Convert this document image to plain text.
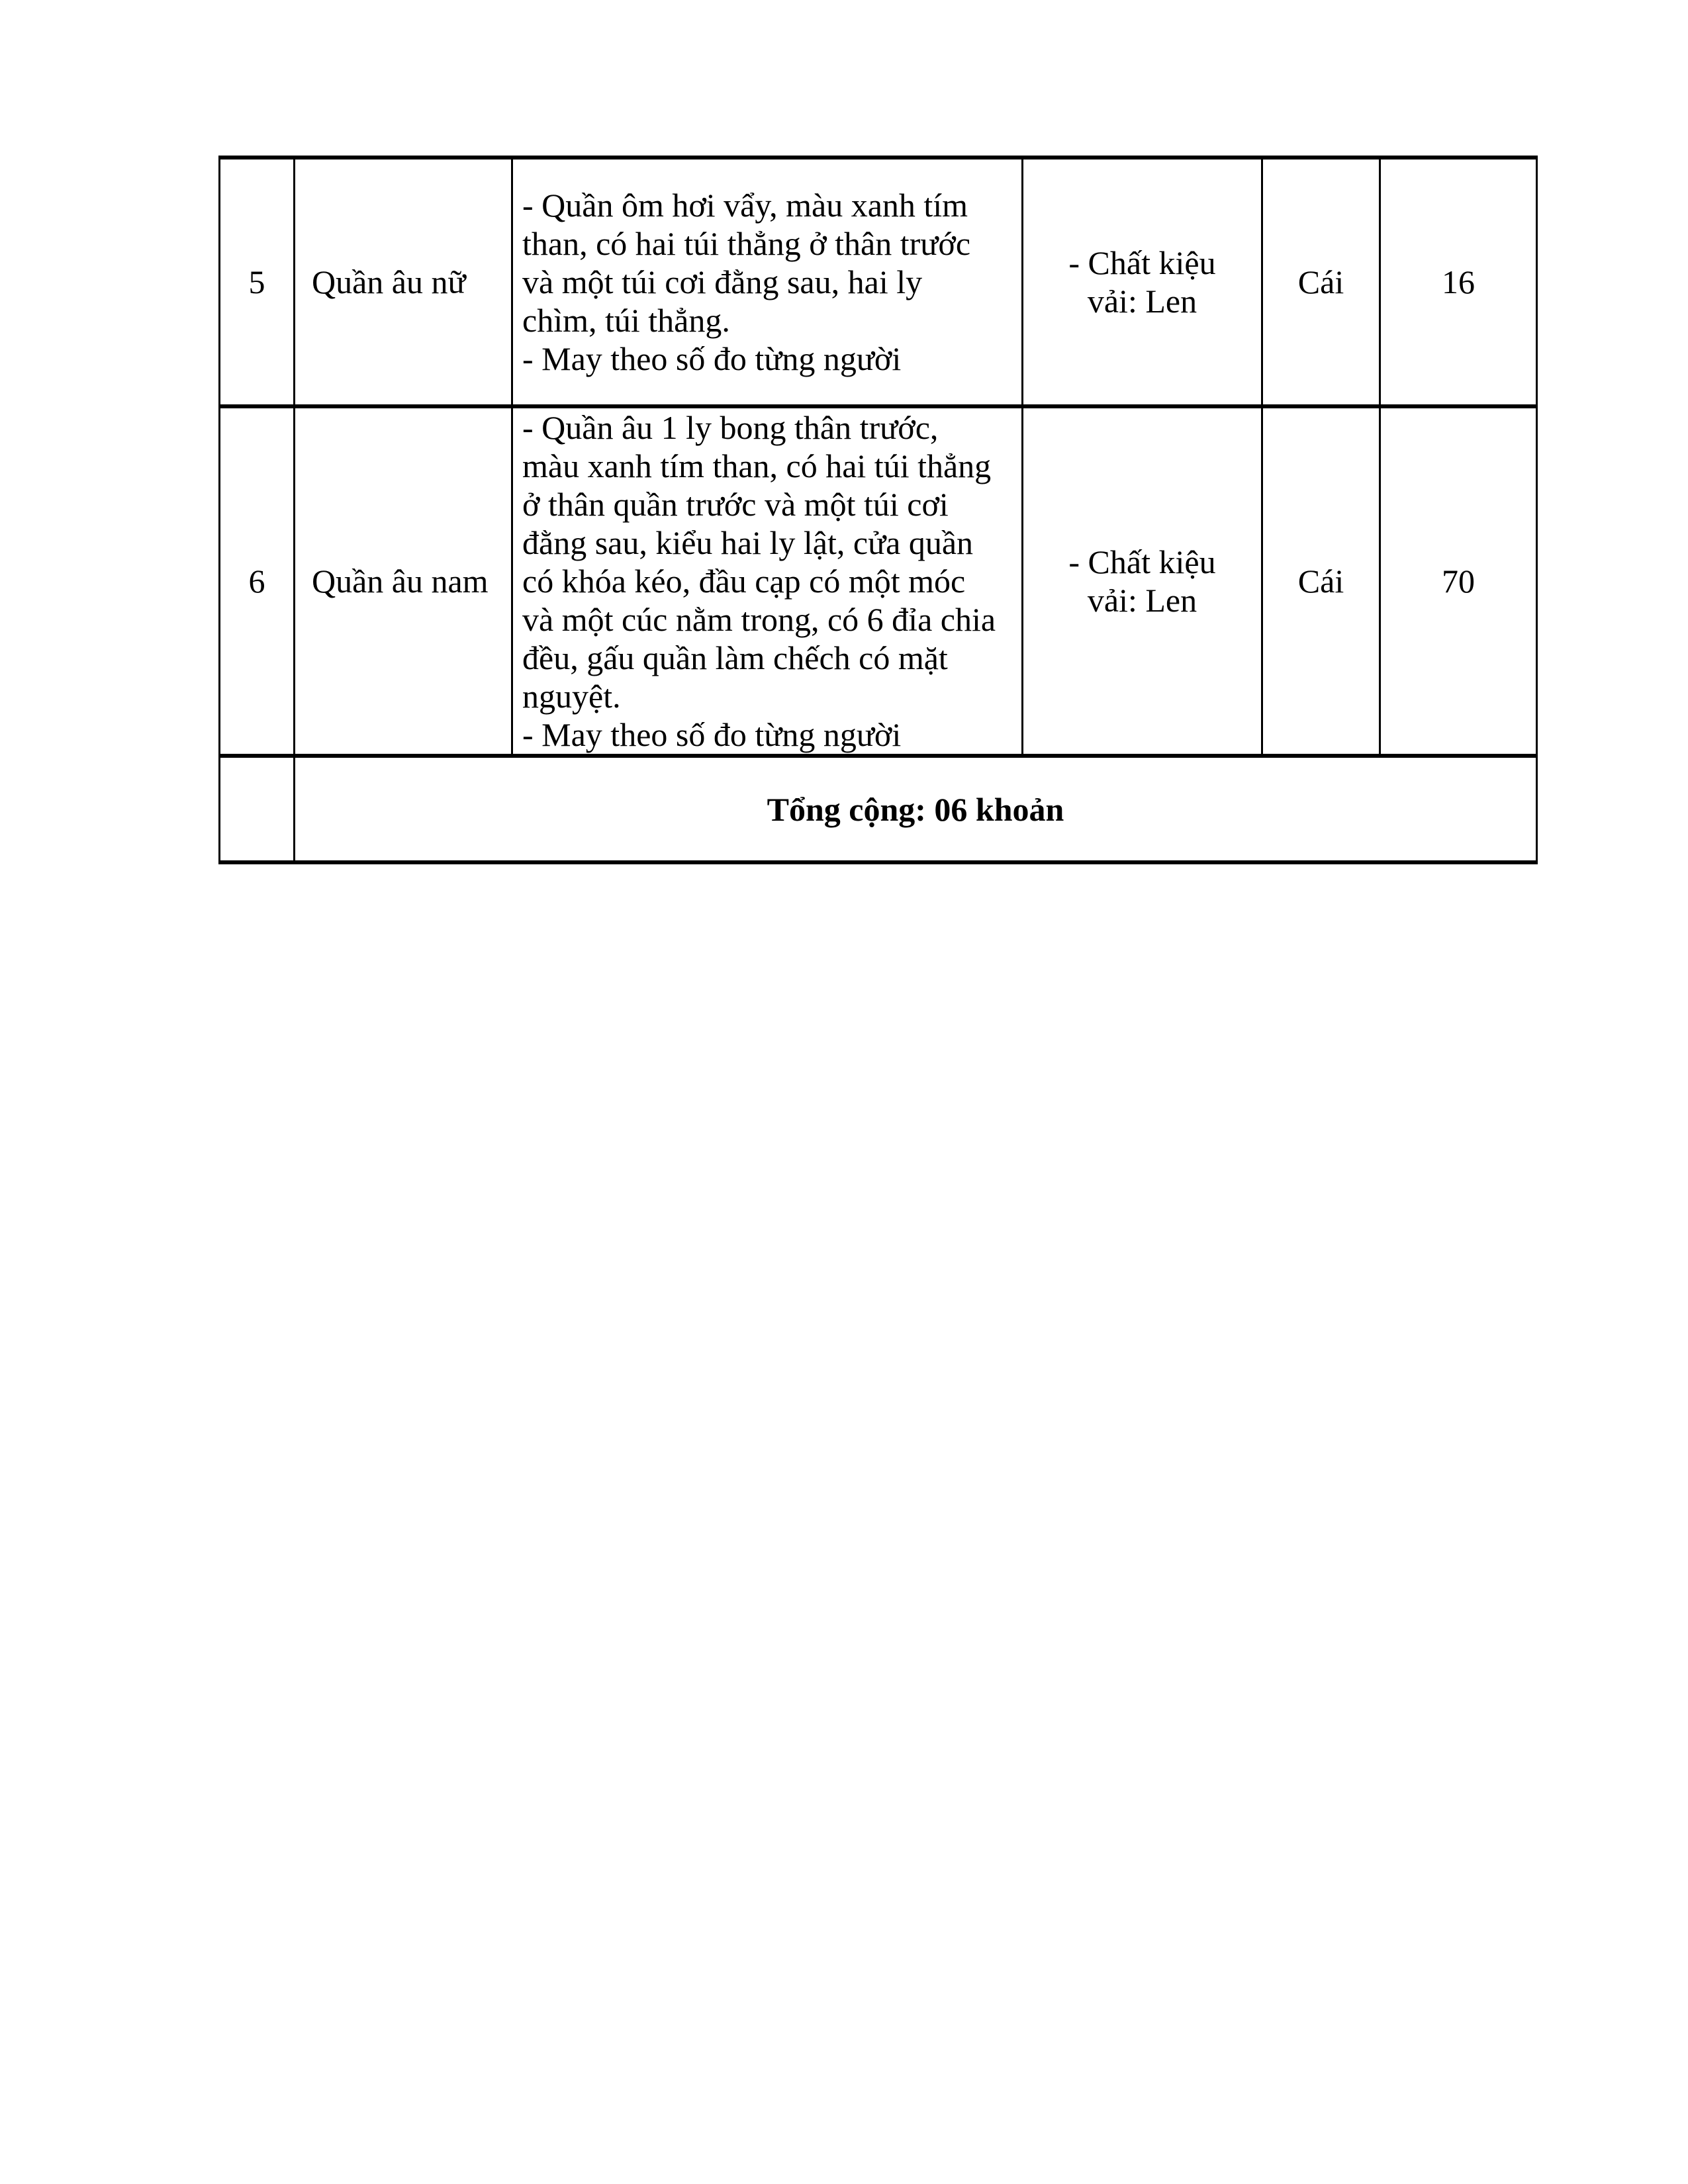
5	Quần âu nữ	- Quần ôm hơi vẩy, màu xanh tím than, có hai túi thẳng ở thân trước và một túi cơi đằng sau, hai ly chìm, túi thẳng.
- May theo số đo từng người	- Chất kiệu vải: Len	Cái	16
6	Quần âu nam	- Quần âu 1 ly bong thân trước, màu xanh tím than, có hai túi thẳng ở thân quần trước và một túi cơi đằng sau, kiểu hai ly lật, cửa quần có khóa kéo, đầu cạp có một móc và một cúc nằm trong, có 6 đỉa chia đều, gấu quần làm chếch có mặt nguyệt.
- May theo số đo từng người	- Chất kiệu vải: Len	Cái	70
	Tổng cộng: 06 khoản				
